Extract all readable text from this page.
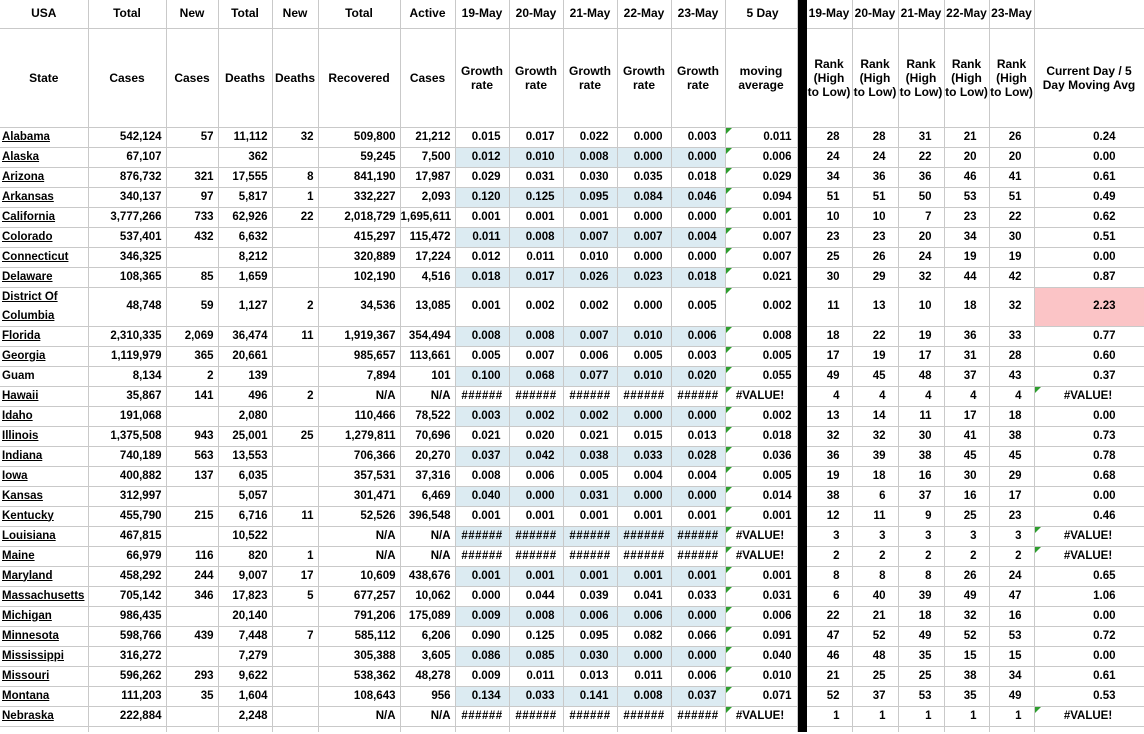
USA	Total	New	Total	New	Total	Active	19-May	20-May	21-May	22-May	23-May	5 Day		19-May	20-May	21-May	22-May	23-May	
State	Cases	Cases	Deaths	Deaths	Recovered	Cases	Growth rate	Growth rate	Growth rate	Growth rate	Growth rate	moving average		Rank (High to Low)	Rank (High to Low)	Rank (High to Low)	Rank (High to Low)	Rank (High to Low)	Current Day / 5 Day Moving Avg
Alabama	542,124	57	11,112	32	509,800	21,212	0.015	0.017	0.022	0.000	0.003	0.011		28	28	31	21	26	0.24
Alaska	67,107		362		59,245	7,500	0.012	0.010	0.008	0.000	0.000	0.006		24	24	22	20	20	0.00
Arizona	876,732	321	17,555	8	841,190	17,987	0.029	0.031	0.030	0.035	0.018	0.029		34	36	36	46	41	0.61
Arkansas	340,137	97	5,817	1	332,227	2,093	0.120	0.125	0.095	0.084	0.046	0.094		51	51	50	53	51	0.49
California	3,777,266	733	62,926	22	2,018,729	1,695,611	0.001	0.001	0.001	0.000	0.000	0.001		10	10	7	23	22	0.62
Colorado	537,401	432	6,632		415,297	115,472	0.011	0.008	0.007	0.007	0.004	0.007		23	23	20	34	30	0.51
Connecticut	346,325		8,212		320,889	17,224	0.012	0.011	0.010	0.000	0.000	0.007		25	26	24	19	19	0.00
Delaware	108,365	85	1,659		102,190	4,516	0.018	0.017	0.026	0.023	0.018	0.021		30	29	32	44	42	0.87
District Of Columbia	48,748	59	1,127	2	34,536	13,085	0.001	0.002	0.002	0.000	0.005	0.002		11	13	10	18	32	2.23
Florida	2,310,335	2,069	36,474	11	1,919,367	354,494	0.008	0.008	0.007	0.010	0.006	0.008		18	22	19	36	33	0.77
Georgia	1,119,979	365	20,661		985,657	113,661	0.005	0.007	0.006	0.005	0.003	0.005		17	19	17	31	28	0.60
Guam	8,134	2	139		7,894	101	0.100	0.068	0.077	0.010	0.020	0.055		49	45	48	37	43	0.37
Hawaii	35,867	141	496	2	N/A	N/A	######	######	######	######	######	#VALUE!		4	4	4	4	4	#VALUE!

Idaho	191,068		2,080		110,466	78,522	0.003	0.002	0.002	0.000	0.000	0.002		13	14	11	17	18	0.00
Illinois	1,375,508	943	25,001	25	1,279,811	70,696	0.021	0.020	0.021	0.015	0.013	0.018		32	32	30	41	38	0.73
Indiana	740,189	563	13,553		706,366	20,270	0.037	0.042	0.038	0.033	0.028	0.036		36	39	38	45	45	0.78
Iowa	400,882	137	6,035		357,531	37,316	0.008	0.006	0.005	0.004	0.004	0.005		19	18	16	30	29	0.68
Kansas	312,997		5,057		301,471	6,469	0.040	0.000	0.031	0.000	0.000	0.014		38	6	37	16	17	0.00
Kentucky	455,790	215	6,716	11	52,526	396,548	0.001	0.001	0.001	0.001	0.001	0.001		12	11	9	25	23	0.46
Louisiana	467,815		10,522		N/A	N/A	######	######	######	######	######	#VALUE!		3	3	3	3	3	#VALUE!

Maine	66,979	116	820	1	N/A	N/A	######	######	######	######	######	#VALUE!		2	2	2	2	2	#VALUE!

Maryland	458,292	244	9,007	17	10,609	438,676	0.001	0.001	0.001	0.001	0.001	0.001		8	8	8	26	24	0.65
Massachusetts	705,142	346	17,823	5	677,257	10,062	0.000	0.044	0.039	0.041	0.033	0.031		6	40	39	49	47	1.06
Michigan	986,435		20,140		791,206	175,089	0.009	0.008	0.006	0.006	0.000	0.006		22	21	18	32	16	0.00
Minnesota	598,766	439	7,448	7	585,112	6,206	0.090	0.125	0.095	0.082	0.066	0.091		47	52	49	52	53	0.72
Mississippi	316,272		7,279		305,388	3,605	0.086	0.085	0.030	0.000	0.000	0.040		46	48	35	15	15	0.00
Missouri	596,262	293	9,622		538,362	48,278	0.009	0.011	0.013	0.011	0.006	0.010		21	25	25	38	34	0.61
Montana	111,203	35	1,604		108,643	956	0.134	0.033	0.141	0.008	0.037	0.071		52	37	53	35	49	0.53
Nebraska	222,884		2,248		N/A	N/A	######	######	######	######	######	#VALUE!		1	1	1	1	1	#VALUE!
